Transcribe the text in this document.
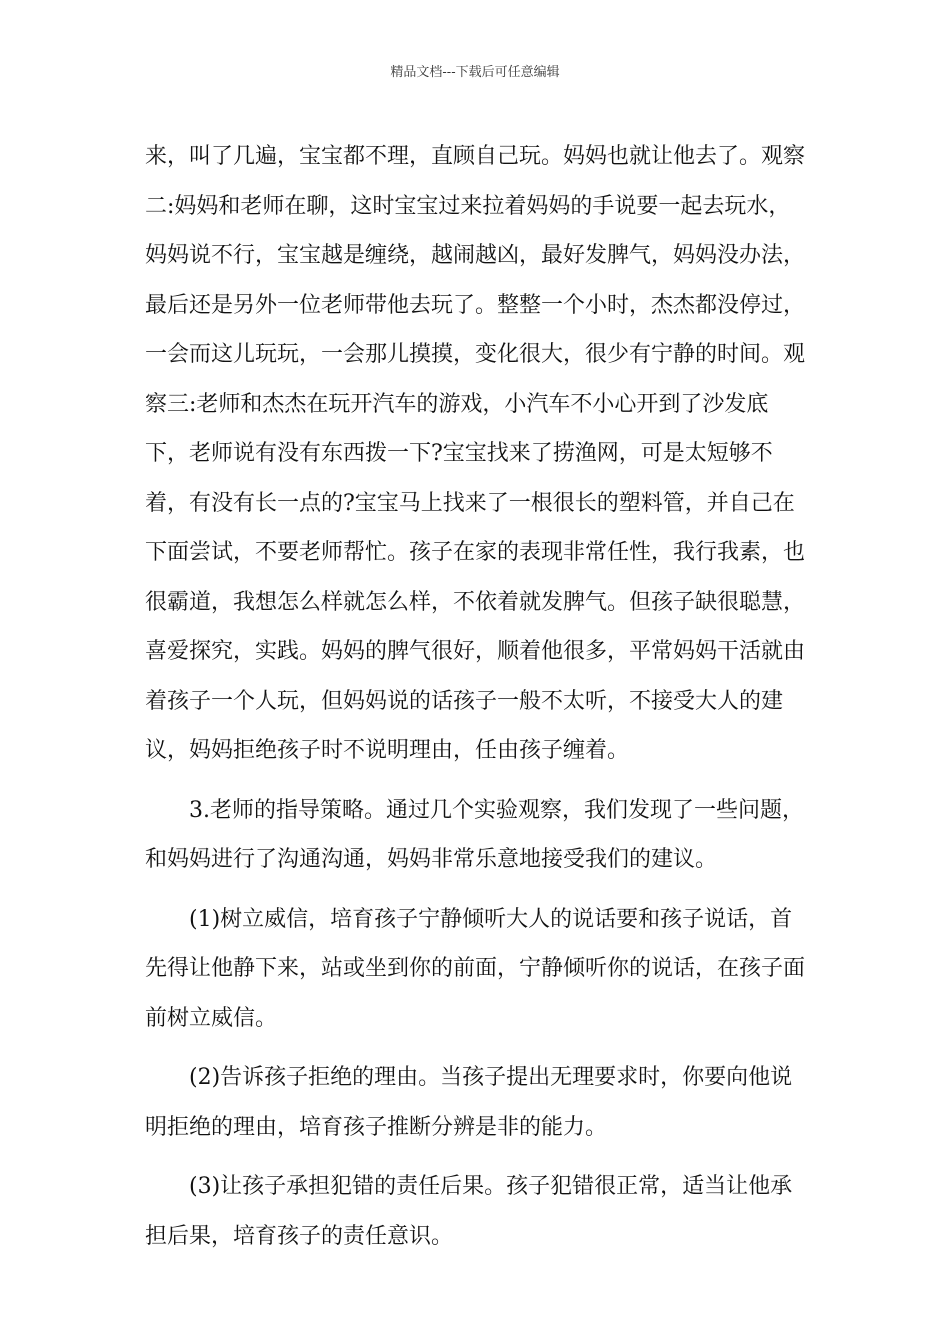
精品文档---下载后可任意编辑

来，叫了几遍，宝宝都不理，直顾自己玩。妈妈也就让他去了。观察二:妈妈和老师在聊，这时宝宝过来拉着妈妈的手说要一起去玩水，妈妈说不行，宝宝越是缠绕，越闹越凶，最好发脾气，妈妈没办法，最后还是另外一位老师带他去玩了。整整一个小时，杰杰都没停过，一会而这儿玩玩，一会那儿摸摸，变化很大，很少有宁静的时间。观察三:老师和杰杰在玩开汽车的游戏，小汽车不小心开到了沙发底下，老师说有没有东西拨一下?宝宝找来了捞渔网，可是太短够不着，有没有长一点的?宝宝马上找来了一根很长的塑料管，并自己在下面尝试，不要老师帮忙。孩子在家的表现非常任性，我行我素，也很霸道，我想怎么样就怎么样，不依着就发脾气。但孩子缺很聪慧，喜爱探究，实践。妈妈的脾气很好，顺着他很多，平常妈妈干活就由着孩子一个人玩，但妈妈说的话孩子一般不太听，不接受大人的建议，妈妈拒绝孩子时不说明理由，任由孩子缠着。

3.老师的指导策略。通过几个实验观察，我们发现了一些问题，和妈妈进行了沟通沟通，妈妈非常乐意地接受我们的建议。

(1)树立威信，培育孩子宁静倾听大人的说话要和孩子说话，首先得让他静下来，站或坐到你的前面，宁静倾听你的说话，在孩子面前树立威信。

(2)告诉孩子拒绝的理由。当孩子提出无理要求时，你要向他说明拒绝的理由，培育孩子推断分辨是非的能力。

(3)让孩子承担犯错的责任后果。孩子犯错很正常，适当让他承担后果，培育孩子的责任意识。
